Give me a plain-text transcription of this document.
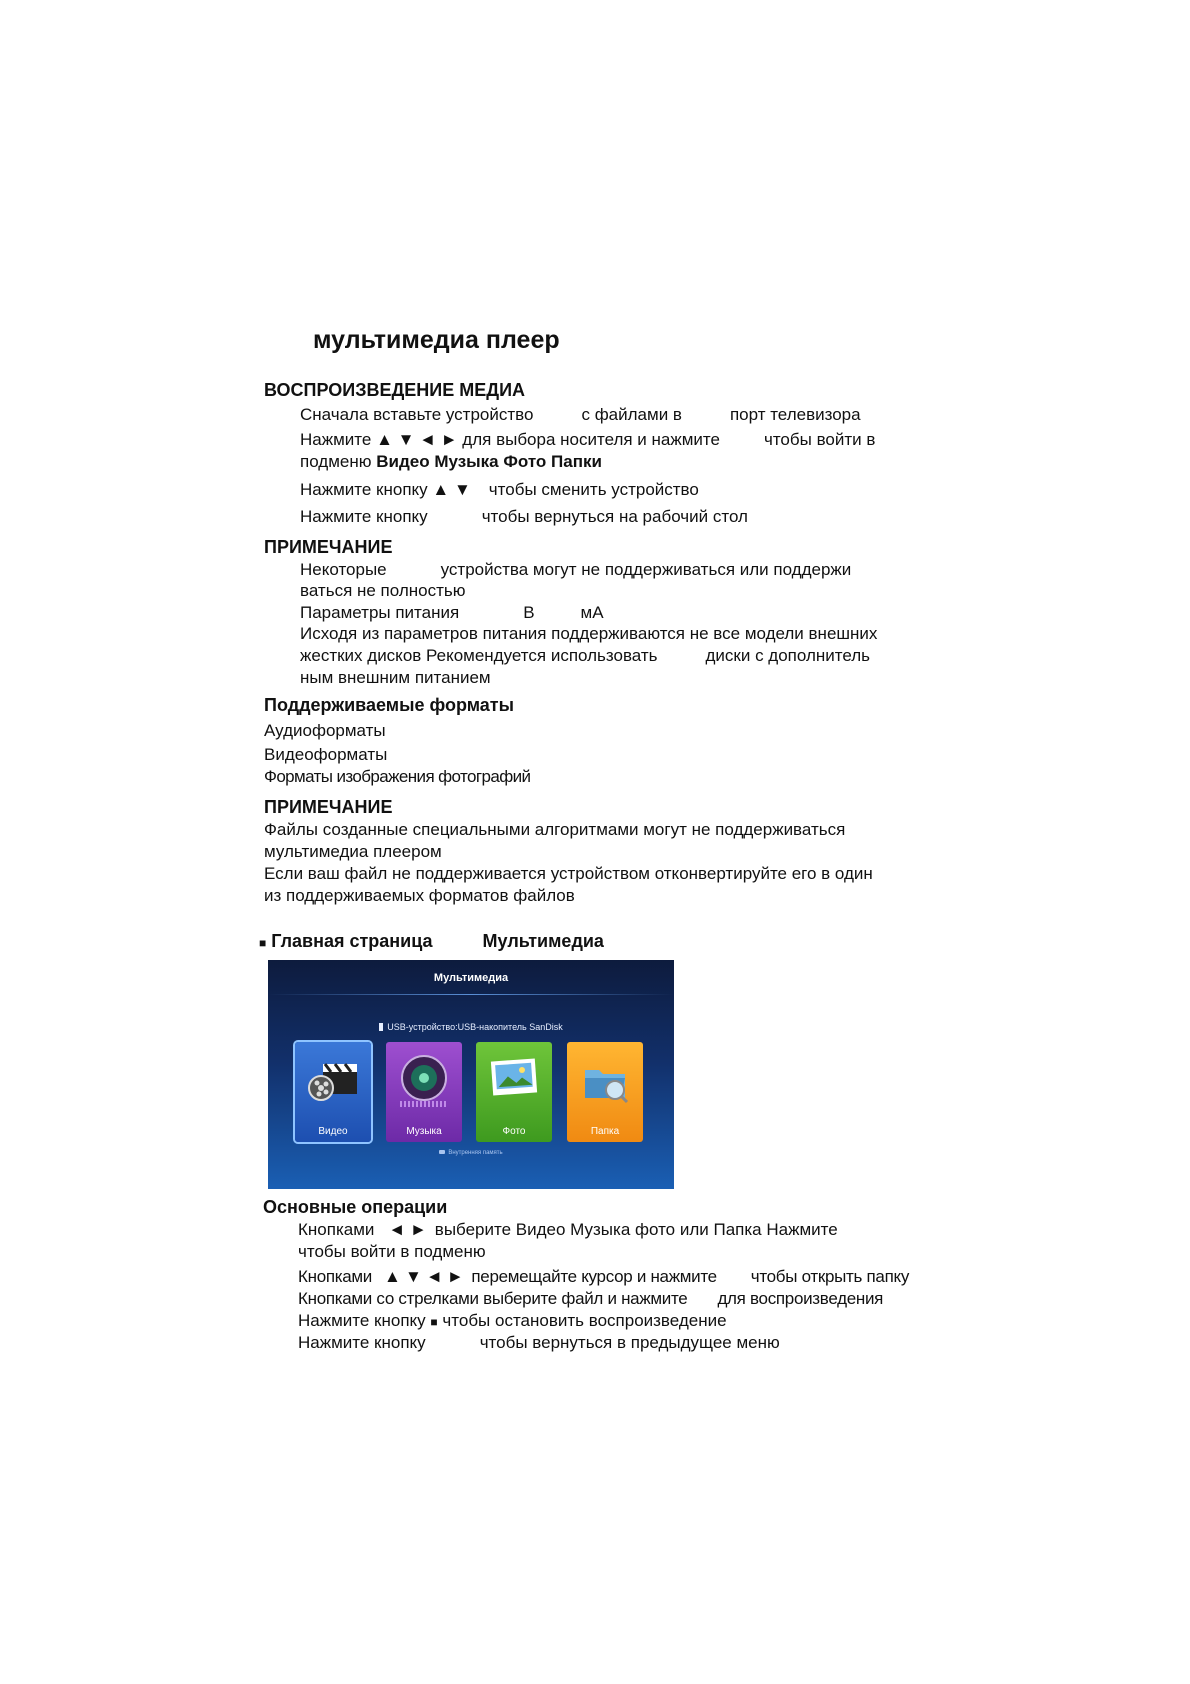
мультимедиа плеер
ВОСПРОИЗВЕДЕНИЕ МЕДИА
Сначала вставьте устройство	с файлами в	порт телевизора
Нажмите ▲ ▼ ◄ ► для выбора носителя и нажмите	чтобы войти в
подменю Видео Музыка Фото Папки
Нажмите кнопку ▲ ▼ чтобы сменить устройство
Нажмите кнопку	чтобы вернуться на рабочий стол
ПРИМЕЧАНИЕ
Некоторые	устройства могут не поддерживаться или поддержи
ваться не полностью
Параметры питания	В	мА
Исходя из параметров питания поддерживаются не все модели внешних
жестких дисков Рекомендуется использовать	диски с дополнитель
ным внешним питанием
Поддерживаемые форматы
Аудиоформаты
Видеоформаты
Форматы изображения фотографий
ПРИМЕЧАНИЕ
Файлы созданные специальными алгоритмами могут не поддерживаться
мультимедиа плеером
Если ваш файл не поддерживается устройством отконвертируйте его в один
из поддерживаемых форматов файлов
■ Главная страница	Мультимедиа
Мультимедиа
USB-устройство:USB-накопитель SanDisk
Видео	Музыка	Фото	Папка
Внутренняя память
Основные операции
Кнопками ◄ ► выберите Видео Музыка фото или Папка Нажмите
чтобы войти в подменю
Кнопками ▲ ▼ ◄ ► перемещайте курсор и нажмите чтобы открыть папку
Кнопками со стрелками выберите файл и нажмите для воспроизведения
Нажмите кнопку ■ чтобы остановить воспроизведение
Нажмите кнопку	чтобы вернуться в предыдущее меню
